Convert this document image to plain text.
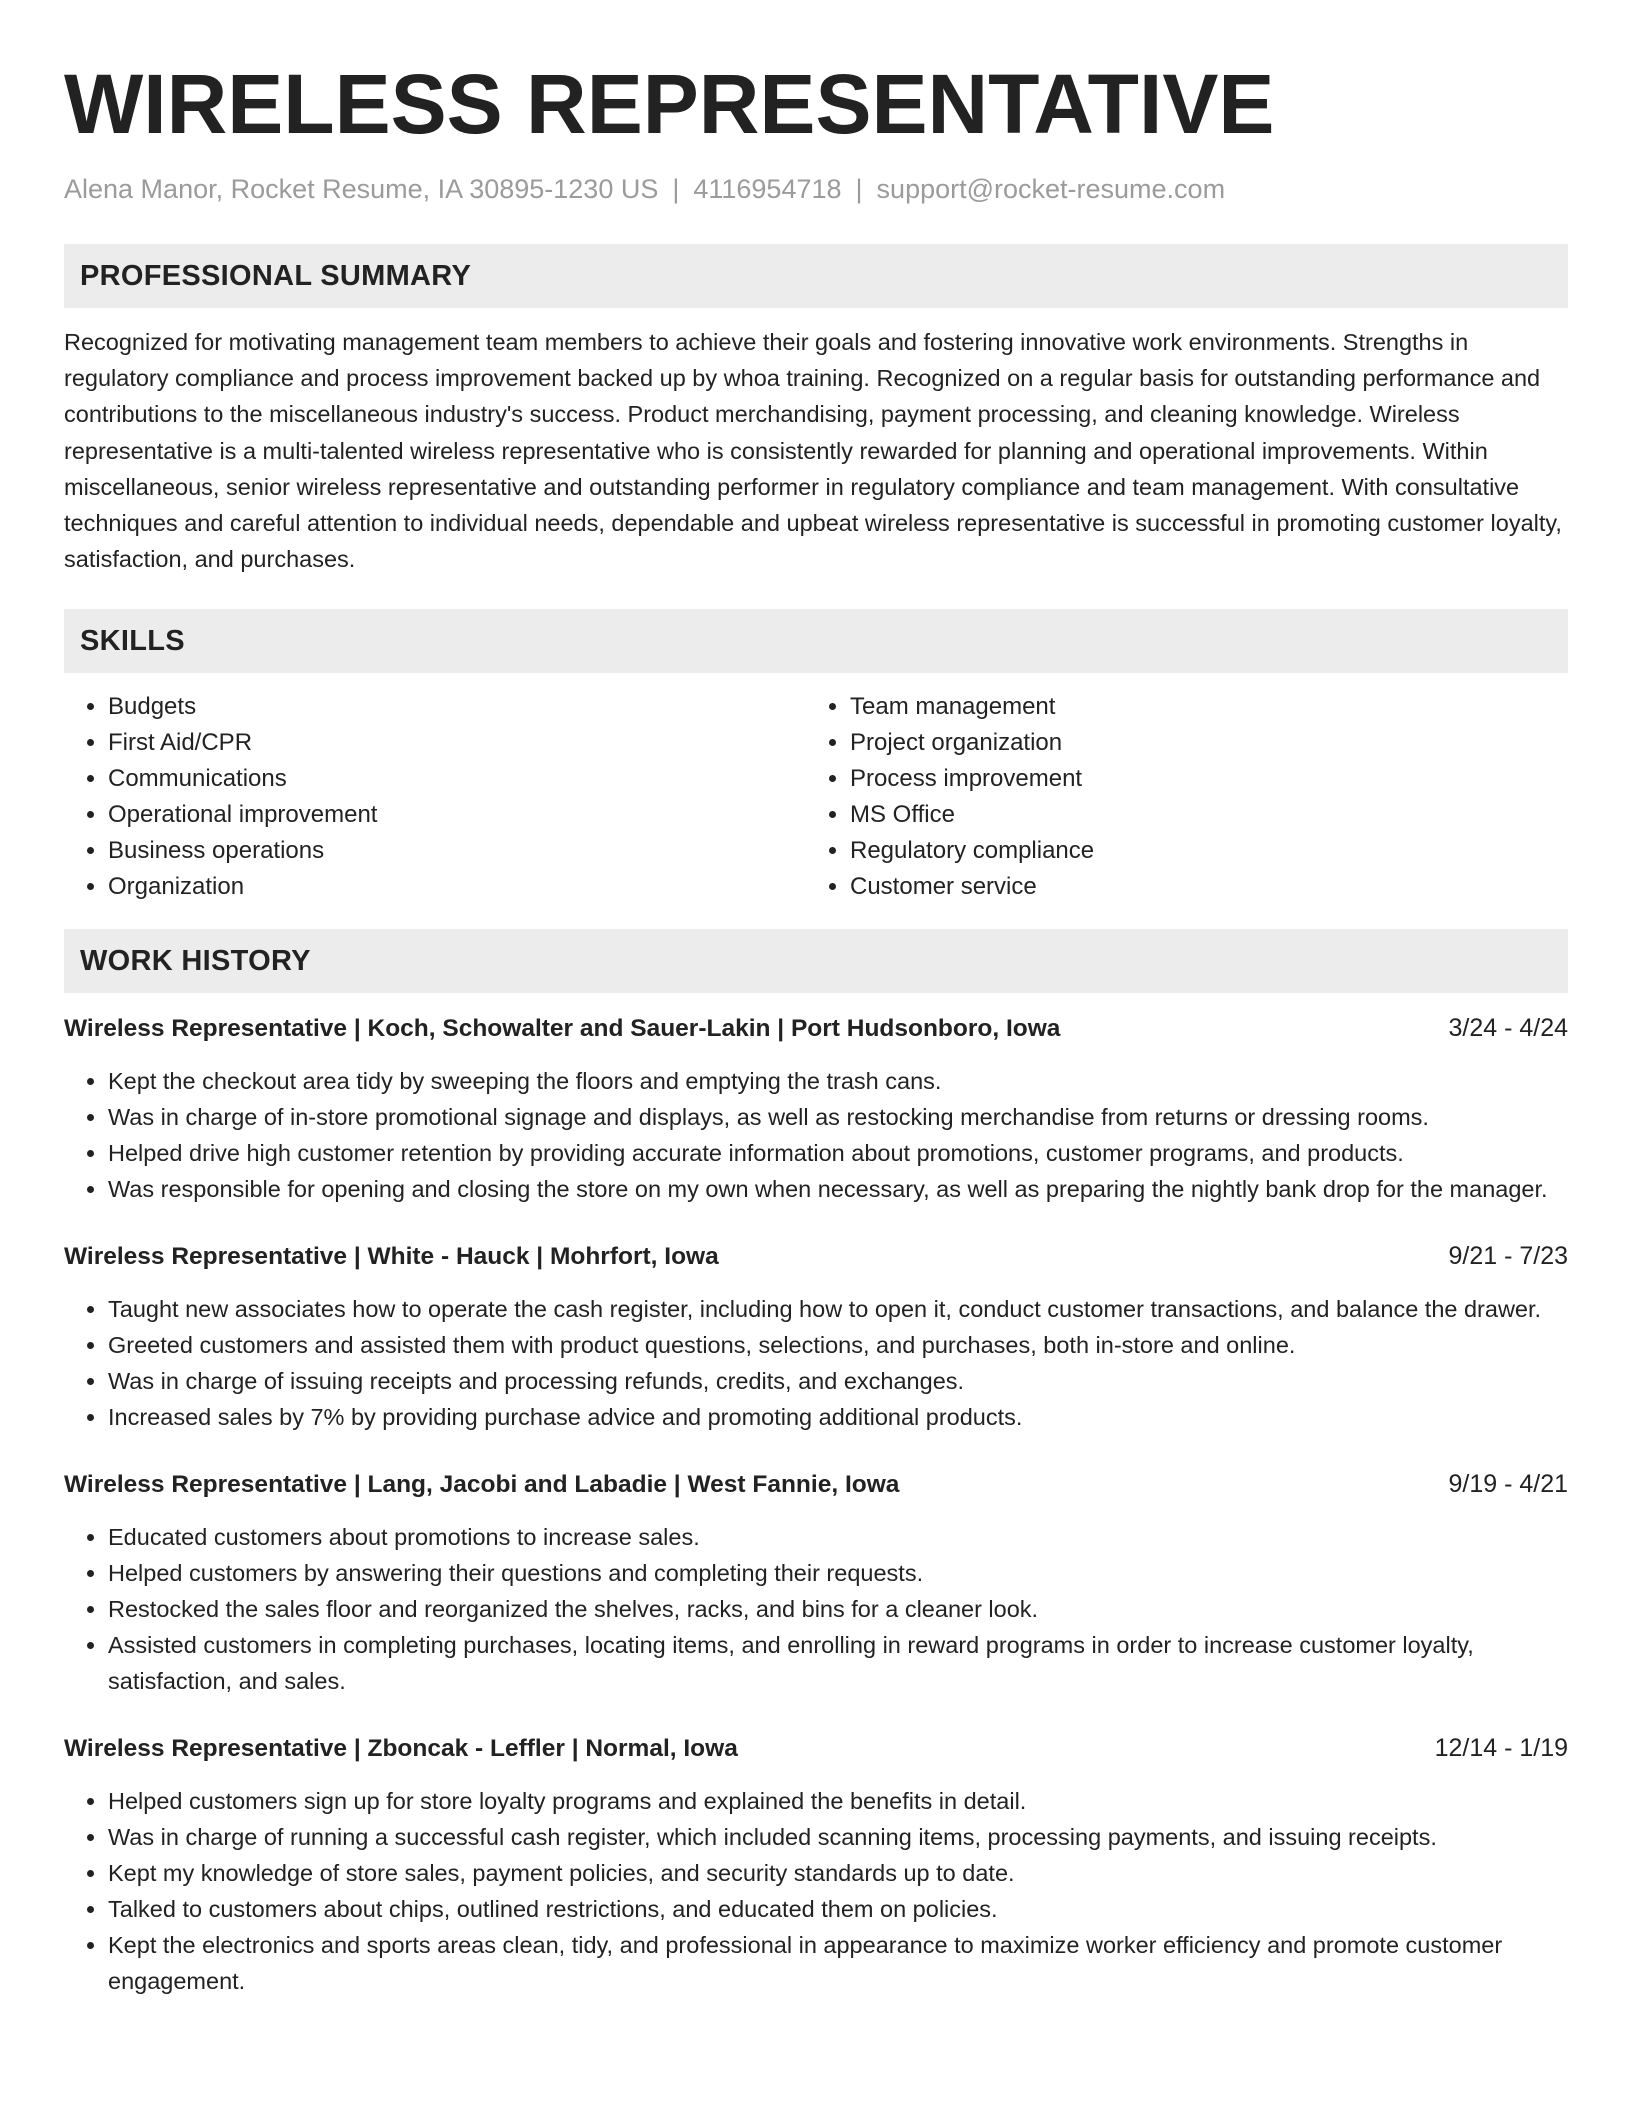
WIRELESS REPRESENTATIVE
Alena Manor, Rocket Resume, IA 30895-1230 US | 4116954718 | support@rocket-resume.com
PROFESSIONAL SUMMARY
Recognized for motivating management team members to achieve their goals and fostering innovative work environments. Strengths in regulatory compliance and process improvement backed up by whoa training. Recognized on a regular basis for outstanding performance and contributions to the miscellaneous industry's success. Product merchandising, payment processing, and cleaning knowledge. Wireless representative is a multi-talented wireless representative who is consistently rewarded for planning and operational improvements. Within miscellaneous, senior wireless representative and outstanding performer in regulatory compliance and team management. With consultative techniques and careful attention to individual needs, dependable and upbeat wireless representative is successful in promoting customer loyalty, satisfaction, and purchases.
SKILLS
• Budgets
• First Aid/CPR
• Communications
• Operational improvement
• Business operations
• Organization
• Team management
• Project organization
• Process improvement
• MS Office
• Regulatory compliance
• Customer service
WORK HISTORY
Wireless Representative | Koch, Schowalter and Sauer-Lakin | Port Hudsonboro, Iowa	3/24 - 4/24
• Kept the checkout area tidy by sweeping the floors and emptying the trash cans.
• Was in charge of in-store promotional signage and displays, as well as restocking merchandise from returns or dressing rooms.
• Helped drive high customer retention by providing accurate information about promotions, customer programs, and products.
• Was responsible for opening and closing the store on my own when necessary, as well as preparing the nightly bank drop for the manager.
Wireless Representative | White - Hauck | Mohrfort, Iowa	9/21 - 7/23
• Taught new associates how to operate the cash register, including how to open it, conduct customer transactions, and balance the drawer.
• Greeted customers and assisted them with product questions, selections, and purchases, both in-store and online.
• Was in charge of issuing receipts and processing refunds, credits, and exchanges.
• Increased sales by 7% by providing purchase advice and promoting additional products.
Wireless Representative | Lang, Jacobi and Labadie | West Fannie, Iowa	9/19 - 4/21
• Educated customers about promotions to increase sales.
• Helped customers by answering their questions and completing their requests.
• Restocked the sales floor and reorganized the shelves, racks, and bins for a cleaner look.
• Assisted customers in completing purchases, locating items, and enrolling in reward programs in order to increase customer loyalty, satisfaction, and sales.
Wireless Representative | Zboncak - Leffler | Normal, Iowa	12/14 - 1/19
• Helped customers sign up for store loyalty programs and explained the benefits in detail.
• Was in charge of running a successful cash register, which included scanning items, processing payments, and issuing receipts.
• Kept my knowledge of store sales, payment policies, and security standards up to date.
• Talked to customers about chips, outlined restrictions, and educated them on policies.
• Kept the electronics and sports areas clean, tidy, and professional in appearance to maximize worker efficiency and promote customer engagement.
